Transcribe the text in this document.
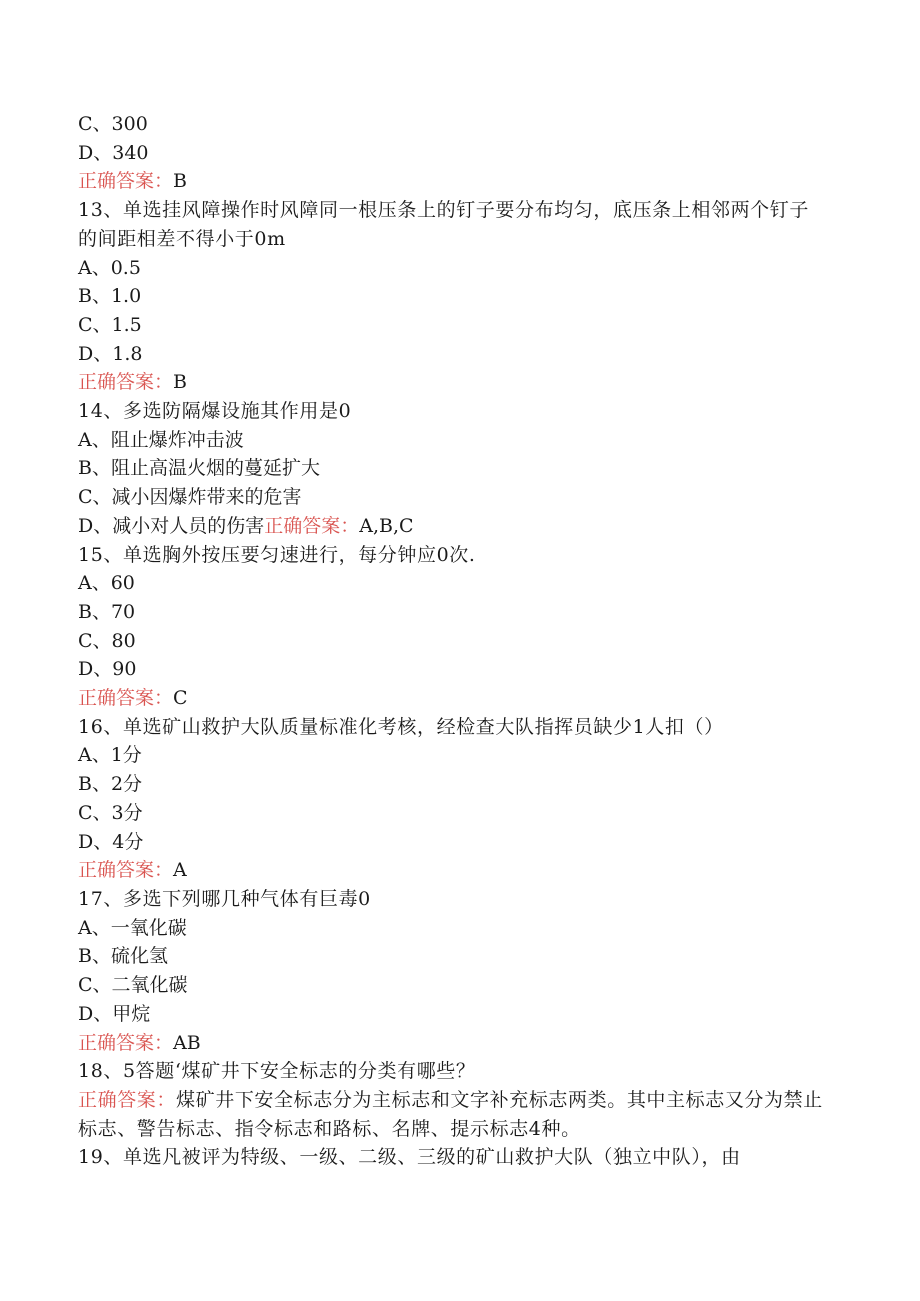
C、300
D、340
正确答案：B
13、单选挂风障操作时风障同一根压条上的钉子要分布均匀，底压条上相邻两个钉子的间距相差不得小于0m
A、0.5
B、1.0
C、1.5
D、1.8
正确答案：B
14、多选防隔爆设施其作用是0
A、阻止爆炸冲击波
B、阻止高温火烟的蔓延扩大
C、减小因爆炸带来的危害
D、减小对人员的伤害正确答案：A,B,C
15、单选胸外按压要匀速进行，每分钟应0次.
A、60
B、70
C、80
D、90
正确答案：C
16、单选矿山救护大队质量标准化考核，经检查大队指挥员缺少1人扣（）
A、1分
B、2分
C、3分
D、4分
正确答案：A
17、多选下列哪几种气体有巨毒0
A、一氧化碳
B、硫化氢
C、二氧化碳
D、甲烷
正确答案：AB
18、5答题‘煤矿井下安全标志的分类有哪些？
正确答案：煤矿井下安全标志分为主标志和文字补充标志两类。其中主标志又分为禁止标志、警告标志、指令标志和路标、名牌、提示标志4种。
19、单选凡被评为特级、一级、二级、三级的矿山救护大队（独立中队），由
